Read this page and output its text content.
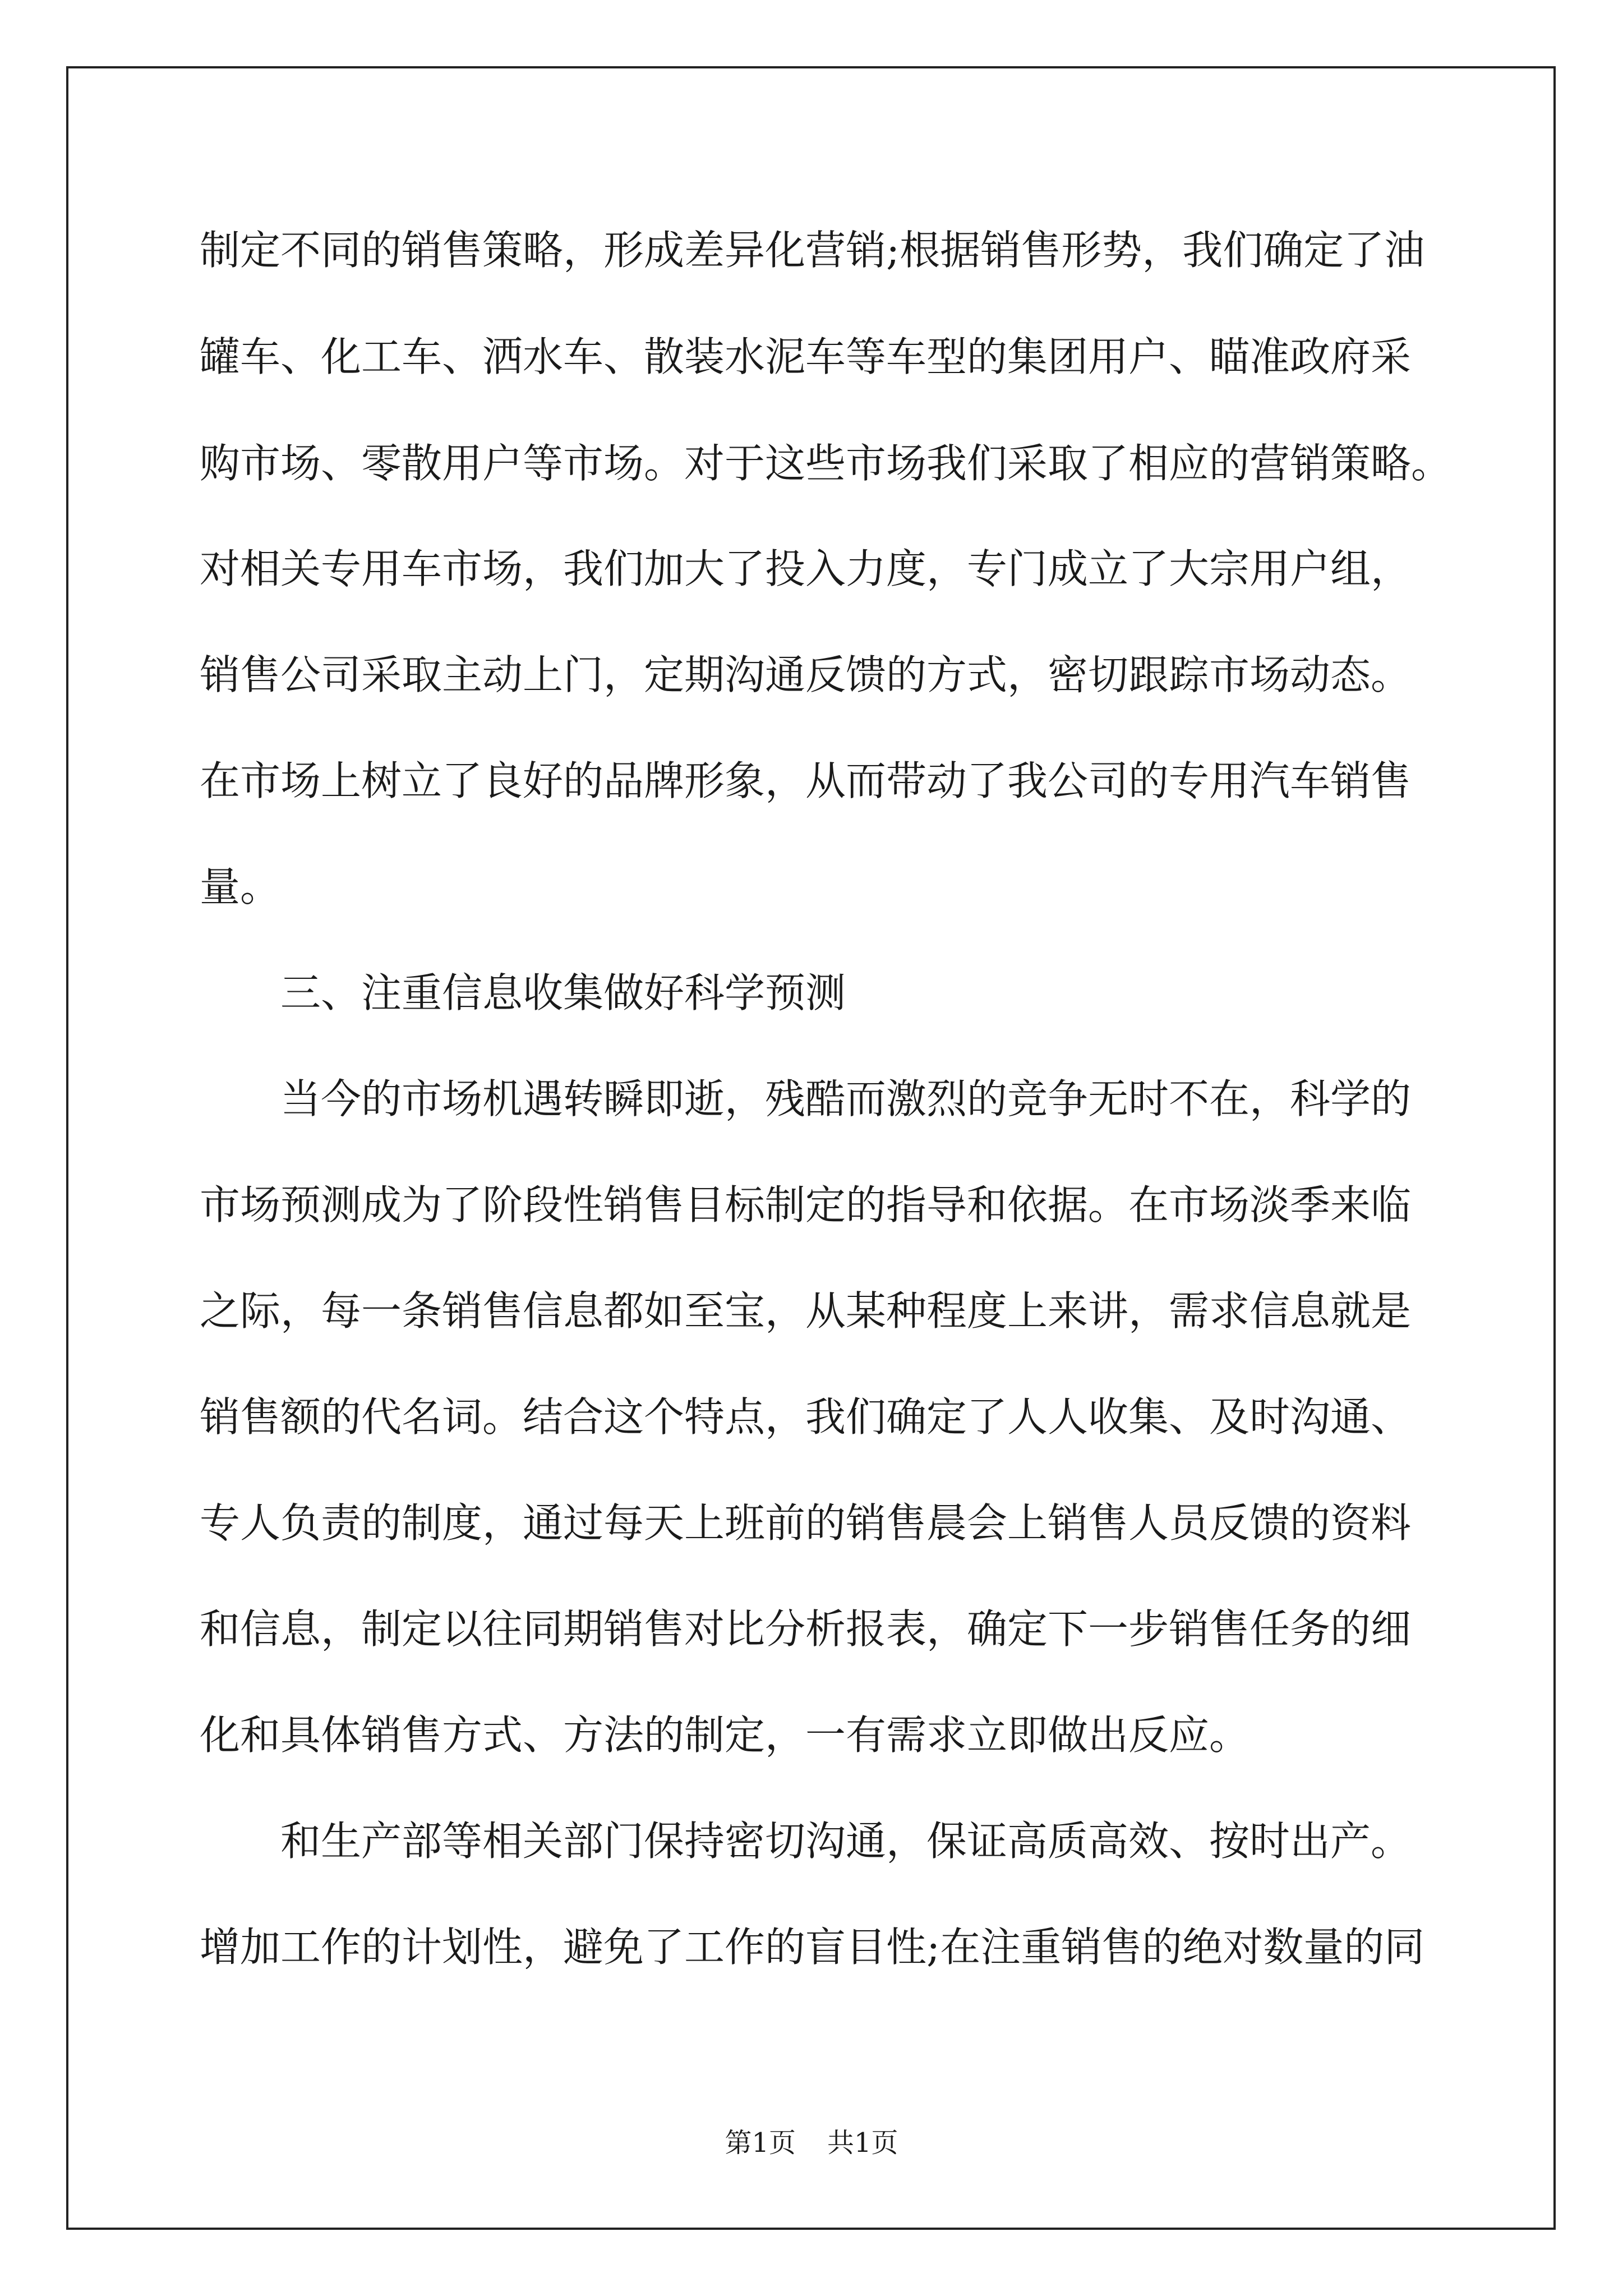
制定不同的销售策略，形成差异化营销;根据销售形势，我们确定了油
罐车、化工车、洒水车、散装水泥车等车型的集团用户、瞄准政府采
购市场、零散用户等市场。对于这些市场我们采取了相应的营销策略。
对相关专用车市场，我们加大了投入力度，专门成立了大宗用户组，
销售公司采取主动上门，定期沟通反馈的方式，密切跟踪市场动态。
在市场上树立了良好的品牌形象，从而带动了我公司的专用汽车销售
量。
三、注重信息收集做好科学预测
当今的市场机遇转瞬即逝，残酷而激烈的竞争无时不在，科学的
市场预测成为了阶段性销售目标制定的指导和依据。在市场淡季来临
之际，每一条销售信息都如至宝，从某种程度上来讲，需求信息就是
销售额的代名词。结合这个特点，我们确定了人人收集、及时沟通、
专人负责的制度，通过每天上班前的销售晨会上销售人员反馈的资料
和信息，制定以往同期销售对比分析报表，确定下一步销售任务的细
化和具体销售方式、方法的制定，一有需求立即做出反应。
和生产部等相关部门保持密切沟通，保证高质高效、按时出产。
增加工作的计划性，避免了工作的盲目性;在注重销售的绝对数量的同
第1页 共1页
